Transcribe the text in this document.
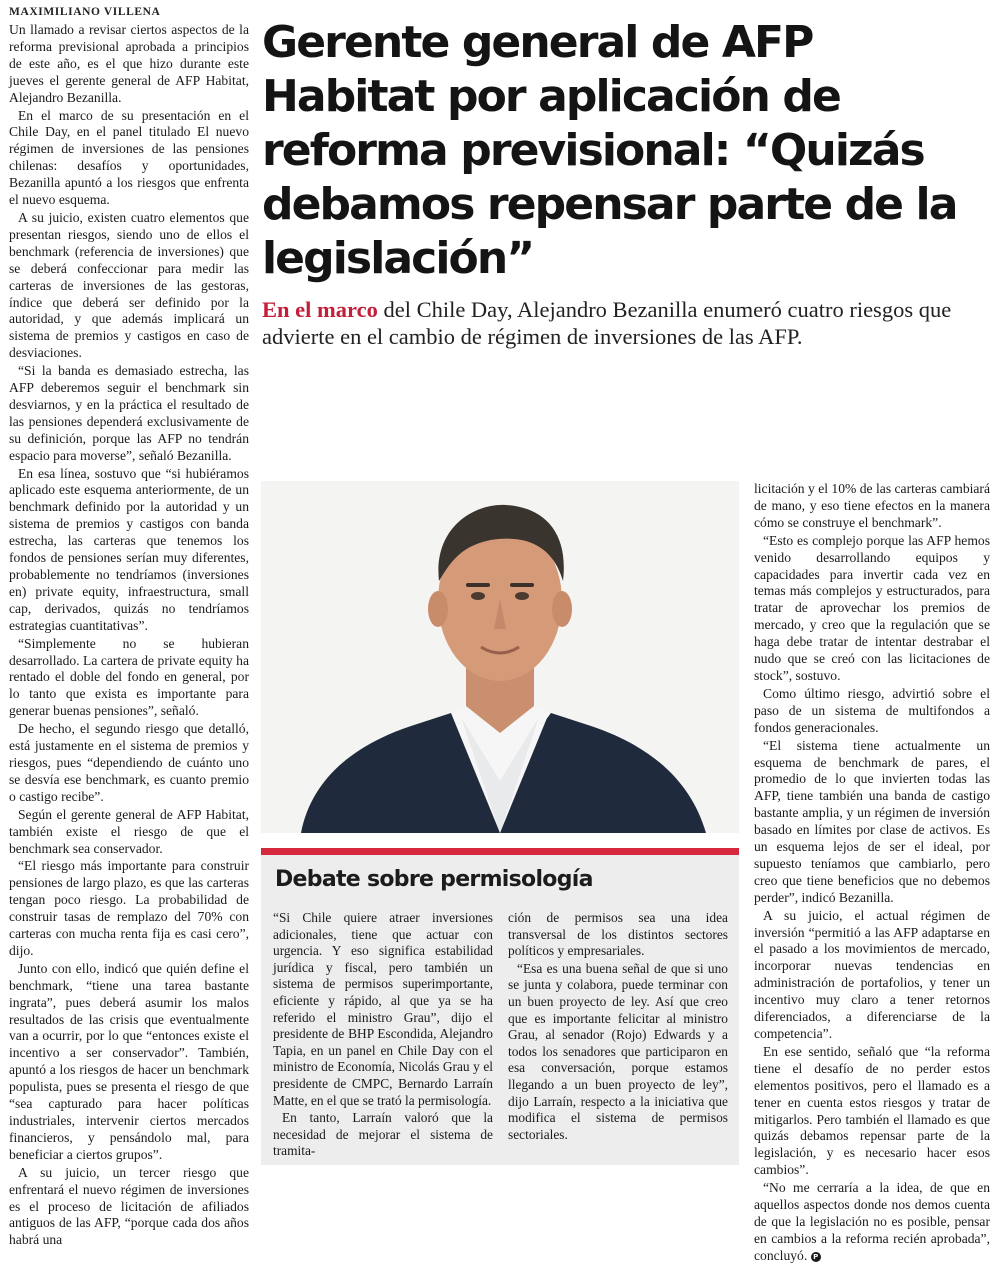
MAXIMILIANO VILLENA

Un llamado a revisar ciertos aspectos de la reforma previsional aprobada a principios de este año, es el que hizo durante este jueves el gerente general de AFP Habitat, Alejandro Bezanilla.

En el marco de su presentación en el Chile Day, en el panel titulado El nuevo régimen de inversiones de las pensiones chilenas: desafíos y oportunidades, Bezanilla apuntó a los riesgos que enfrenta el nuevo esquema.

A su juicio, existen cuatro elementos que presentan riesgos, siendo uno de ellos el benchmark (referencia de inversiones) que se deberá confeccionar para medir las carteras de inversiones de las gestoras, índice que deberá ser definido por la autoridad, y que además implicará un sistema de premios y castigos en caso de desviaciones.

“Si la banda es demasiado estrecha, las AFP deberemos seguir el benchmark sin desviarnos, y en la práctica el resultado de las pensiones dependerá exclusivamente de su definición, porque las AFP no tendrán espacio para moverse”, señaló Bezanilla.

En esa línea, sostuvo que “si hubiéramos aplicado este esquema anteriormente, de un benchmark definido por la autoridad y un sistema de premios y castigos con banda estrecha, las carteras que tenemos los fondos de pensiones serían muy diferentes, probablemente no tendríamos (inversiones en) private equity, infraestructura, small cap, derivados, quizás no tendríamos estrategias cuantitativas”.

“Simplemente no se hubieran desarrollado. La cartera de private equity ha rentado el doble del fondo en general, por lo tanto que exista es importante para generar buenas pensiones”, señaló.

De hecho, el segundo riesgo que detalló, está justamente en el sistema de premios y riesgos, pues “dependiendo de cuánto uno se desvía ese benchmark, es cuanto premio o castigo recibe”.

Según el gerente general de AFP Habitat, también existe el riesgo de que el benchmark sea conservador.

“El riesgo más importante para construir pensiones de largo plazo, es que las carteras tengan poco riesgo. La probabilidad de construir tasas de remplazo del 70% con carteras con mucha renta fija es casi cero”, dijo.

Junto con ello, indicó que quién define el benchmark, “tiene una tarea bastante ingrata”, pues deberá asumir los malos resultados de las crisis que eventualmente van a ocurrir, por lo que “entonces existe el incentivo a ser conservador”. También, apuntó a los riesgos de hacer un benchmark populista, pues se presenta el riesgo de que “sea capturado para hacer políticas industriales, intervenir ciertos mercados financieros, y pensándolo mal, para beneficiar a ciertos grupos”.

A su juicio, un tercer riesgo que enfrentará el nuevo régimen de inversiones es el proceso de licitación de afiliados antiguos de las AFP, “porque cada dos años habrá una

Gerente general de AFP Habitat por aplicación de reforma previsional: “Quizás debamos repensar parte de la legislación”
En el marco del Chile Day, Alejandro Bezanilla enumeró cuatro riesgos que advierte en el cambio de régimen de inversiones de las AFP.
Debate sobre permisología

“Si Chile quiere atraer inversiones adicionales, tiene que actuar con urgencia. Y eso significa estabilidad jurídica y fiscal, pero también un sistema de permisos superimportante, eficiente y rápido, al que ya se ha referido el ministro Grau”, dijo el presidente de BHP Escondida, Alejandro Tapia, en un panel en Chile Day con el ministro de Economía, Nicolás Grau y el presidente de CMPC, Bernardo Larraín Matte, en el que se trató la permisología.

En tanto, Larraín valoró que la necesidad de mejorar el sistema de tramita-

ción de permisos sea una idea transversal de los distintos sectores políticos y empresariales.

“Esa es una buena señal de que si uno se junta y colabora, puede terminar con un buen proyecto de ley. Así que creo que es importante felicitar al ministro Grau, al senador (Rojo) Edwards y a todos los senadores que participaron en esa conversación, porque estamos llegando a un buen proyecto de ley”, dijo Larraín, respecto a la iniciativa que modifica el sistema de permisos sectoriales.

licitación y el 10% de las carteras cambiará de mano, y eso tiene efectos en la manera cómo se construye el benchmark”.

“Esto es complejo porque las AFP hemos venido desarrollando equipos y capacidades para invertir cada vez en temas más complejos y estructurados, para tratar de aprovechar los premios de mercado, y creo que la regulación que se haga debe tratar de intentar destrabar el nudo que se creó con las licitaciones de stock”, sostuvo.

Como último riesgo, advirtió sobre el paso de un sistema de multifondos a fondos generacionales.

“El sistema tiene actualmente un esquema de benchmark de pares, el promedio de lo que invierten todas las AFP, tiene también una banda de castigo bastante amplia, y un régimen de inversión basado en límites por clase de activos. Es un esquema lejos de ser el ideal, por supuesto teníamos que cambiarlo, pero creo que tiene beneficios que no debemos perder”, indicó Bezanilla.

A su juicio, el actual régimen de inversión “permitió a las AFP adaptarse en el pasado a los movimientos de mercado, incorporar nuevas tendencias en administración de portafolios, y tener un incentivo muy claro a tener retornos diferenciados, a diferenciarse de la competencia”.

En ese sentido, señaló que “la reforma tiene el desafío de no perder estos elementos positivos, pero el llamado es a tener en cuenta estos riesgos y tratar de mitigarlos. Pero también el llamado es que quizás debamos repensar parte de la legislación, y es necesario hacer esos cambios”.

“No me cerraría a la idea, de que en aquellos aspectos donde nos demos cuenta de que la legislación no es posible, pensar en cambios a la reforma recién aprobada”, concluyó. P
